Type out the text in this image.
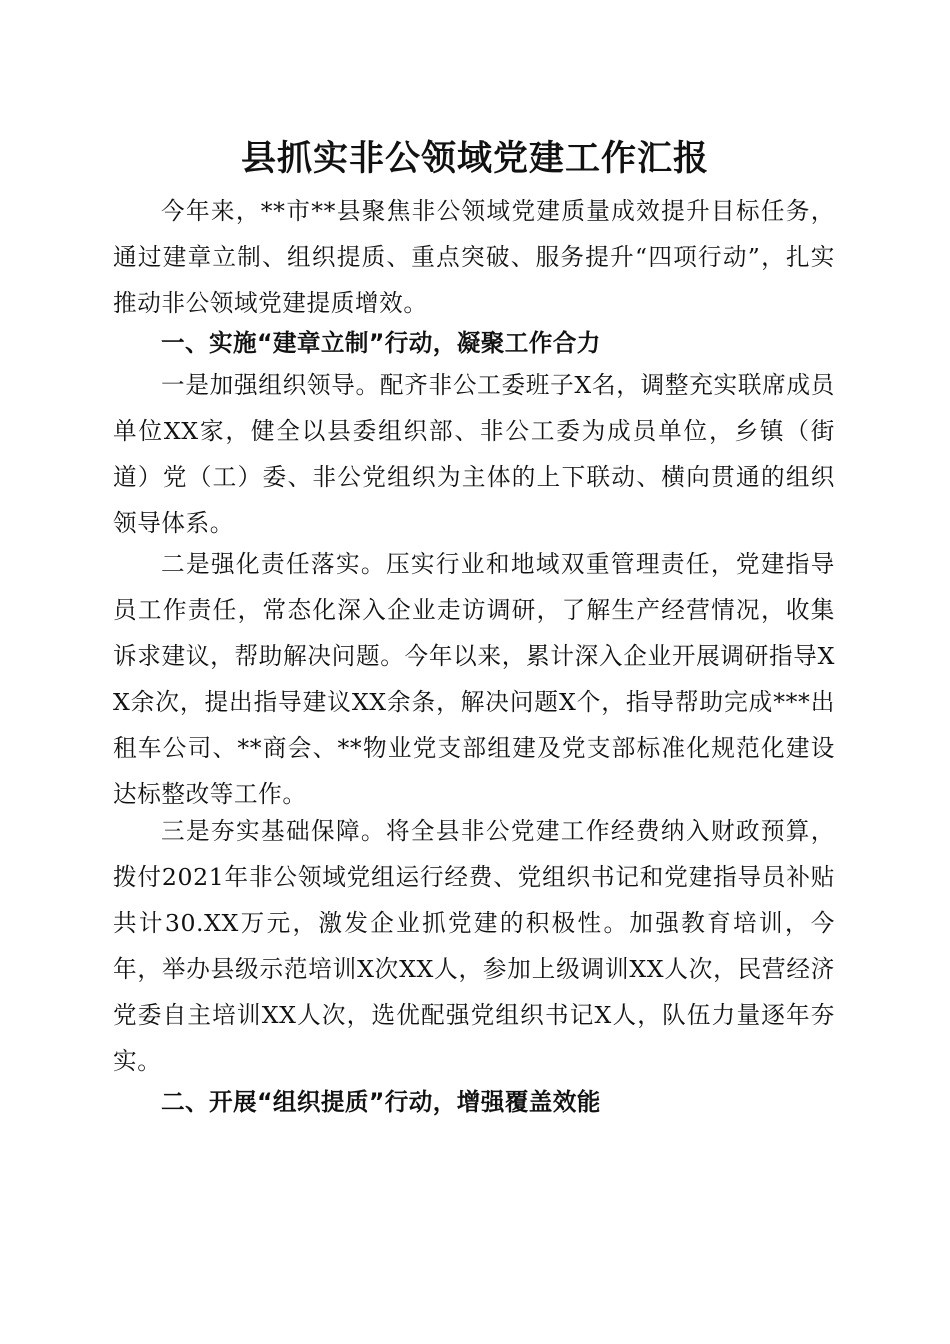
县抓实非公领域党建工作汇报

今年来，**市**县聚焦非公领域党建质量成效提升目标任务，通过建章立制、组织提质、重点突破、服务提升“四项行动”，扎实推动非公领域党建提质增效。

一、实施“建章立制”行动，凝聚工作合力

一是加强组织领导。配齐非公工委班子X名，调整充实联席成员单位XX家，健全以县委组织部、非公工委为成员单位，乡镇（街道）党（工）委、非公党组织为主体的上下联动、横向贯通的组织领导体系。

二是强化责任落实。压实行业和地域双重管理责任，党建指导员工作责任，常态化深入企业走访调研，了解生产经营情况，收集诉求建议，帮助解决问题。今年以来，累计深入企业开展调研指导XX余次，提出指导建议XX余条，解决问题X个，指导帮助完成***出租车公司、**商会、**物业党支部组建及党支部标准化规范化建设达标整改等工作。

三是夯实基础保障。将全县非公党建工作经费纳入财政预算，拨付2021年非公领域党组运行经费、党组织书记和党建指导员补贴共计30.XX万元，激发企业抓党建的积极性。加强教育培训，今年，举办县级示范培训X次XX人，参加上级调训XX人次，民营经济党委自主培训XX人次，选优配强党组织书记X人，队伍力量逐年夯实。

二、开展“组织提质”行动，增强覆盖效能
